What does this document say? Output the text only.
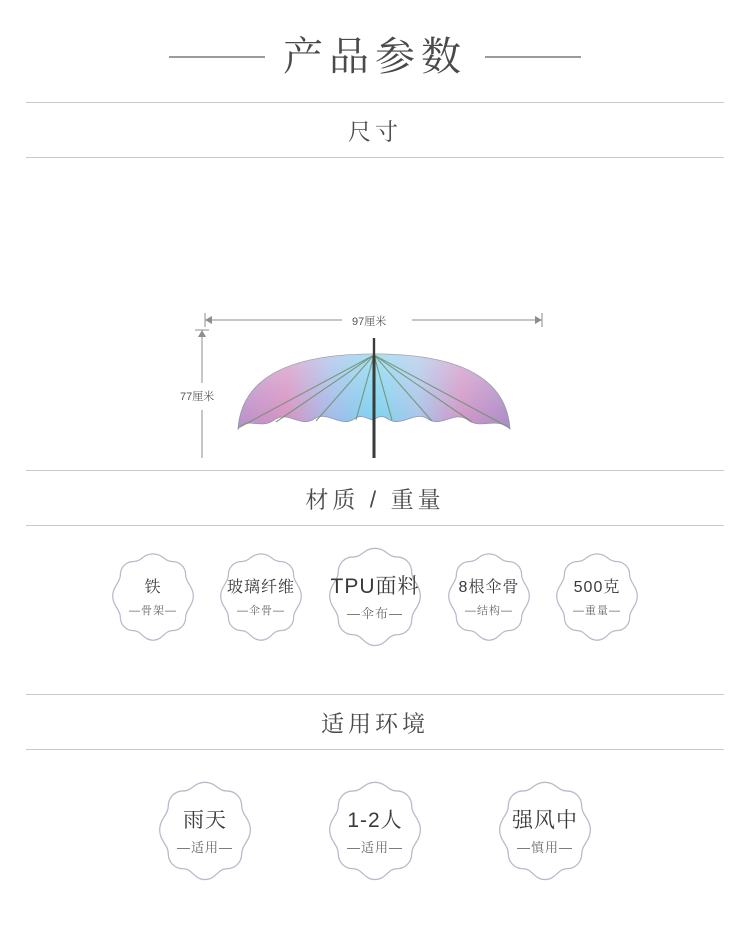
产品参数
尺寸
97厘米
77厘米
材质 / 重量
铁
—骨架—
玻璃纤维
—伞骨—
TPU面料
—伞布—
8根伞骨
—结构—
500克
—重量—
适用环境
雨天
—适用—
1-2人
—适用—
强风中
—慎用—
